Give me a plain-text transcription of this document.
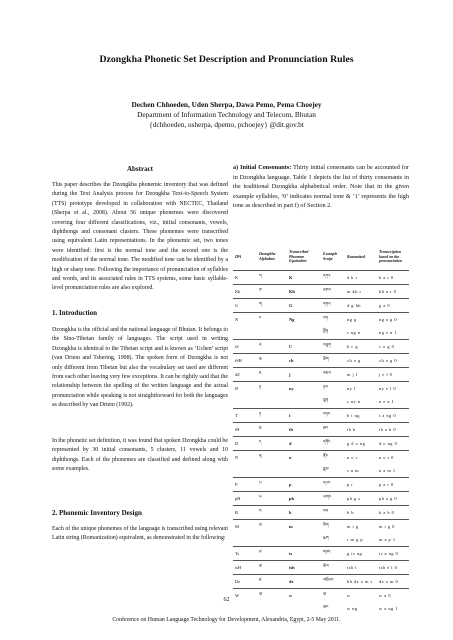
Dzongkha Phonetic Set Description and Pronunciation Rules
Dechen Chhoeden, Uden Sherpa, Dawa Pemo, Pema Choejey
Department of Information Technology and Telecom, Bhutan
{dchhoeden, usherpa, dpemo, pchoejey} @dit.gov.bt
Abstract
This paper describes the Dzongkha phonemic inventory that was defined during the Text Analysis process for Dzongkha Text-to-Speech System (TTS) prototype developed in collaboration with NECTEC, Thailand (Sherpa et al., 2008). About 56 unique phonemes were discovered covering four different classifications, viz., initial consonants, vowels, diphthongs and consonant clusters. These phonemes were transcribed using equivalent Latin representations. In the phonemic set, two tones were identified: first is the normal tone and the second one is the modification of the normal tone. The modified tone can be identified by a high or sharp tone. Following the importance of pronunciation of syllables and words, and its associated rules in TTS systems, some basic syllable-level pronunciation rules are also explored.
1. Introduction
Dzongkha is the official and the national language of Bhutan. It belongs to the Sino-Tibetan family of languages. The script used in writing Dzongkha is identical to the Tibetan script and is known as ‘Uchen’ script (van Driem and Tshering, 1998). The spoken form of Dzongkha is not only different from Tibetan but also the vocabulary set used are different from each other leaving very few exceptions. It can be rightly said that the relationship between the spelling of the written language and the actual pronunciation while speaking is not straightforward for both the languages as described by van Driem (1992).
In the phonetic set definition, it was found that spoken Dzongkha could be represented by 30 initial consonants, 5 clusters, 11 vowels and 10 diphthongs. Each of the phonemes are classified and defined along with some examples.
2. Phonemic Inventory Design
Each of the unique phonemes of the language is transcribed using relevant Latin string (Romanization) equivalent, as demonstrated in the following:
a) Initial Consonants: Thirty initial consonants can be accounted for in Dzongkha language. Table 1 depicts the list of thirty consonants in the traditional Dzongkha alphabetical order. Note that in the given example syllables, ‘0’ indicates normal tone & ‘1’ represents the high tone as described in part f) of Section 2.
IPA	Dzongkha Alphabets	Transcribed Phoneme Equivalent	Example Script	Romanized	Transcription based on the pronunciation
K	ཀ	K	དཀར	d k r	k a r 0
Kh	ཁ	Kh	མཁར	m kh r	kh a r 0
G	ག	G	དགའ	d g hh	g a 0
N	ང	Ng	ངག	ng g	ng a g 0
			སྔོན	s ng n	ng e n 1
tS	ཅ	C	བཅུག	b c g	c o g 0
tSH	ཆ	ch	ཆོག	ch o g	ch o g 0
dZ	ཇ	j	མཇལ	m j l	j e l 0
Ø	ཉ	ny	ཉལ	ny l	ny e l 0
			སྙན	s ny n	n e n 1
T	ཏ	t	བཏང	b t ng	t a ng 0
tH	ཐ	th	ཐབ	th b	th a b 0
D	ད	d	དགོང	g d o ng	d o ng 0
N	ན	n	ནོར	n o r	n o r 0
			སྣམ	s n m	n a m 1
P	པ	p	དཔར	p r	p a r 0
pH	ཕ	ph	ཕགས	ph g s	ph a g 0
B	བ	b	བབ	b b	b a b 0
M	མ	m	མིག	m i g	m i g 0
			རྨག	r m g p	m a p 1
Ts	ཙ	ts	གཙང	g ts ng	ts a ng 0
tsH	ཚ	tsh	ཚེལ	tsh l	tsh e l 0
Dz	ཛ	dz	འཛོམས	hh dz o m s	dz o m 0
W	ཝ	w	ཝ	w	w a 0
			ཝང	w ng	w a ng 1
62
Conference on Human Language Technology for Development, Alexandria, Egypt, 2-5 May 2011.
